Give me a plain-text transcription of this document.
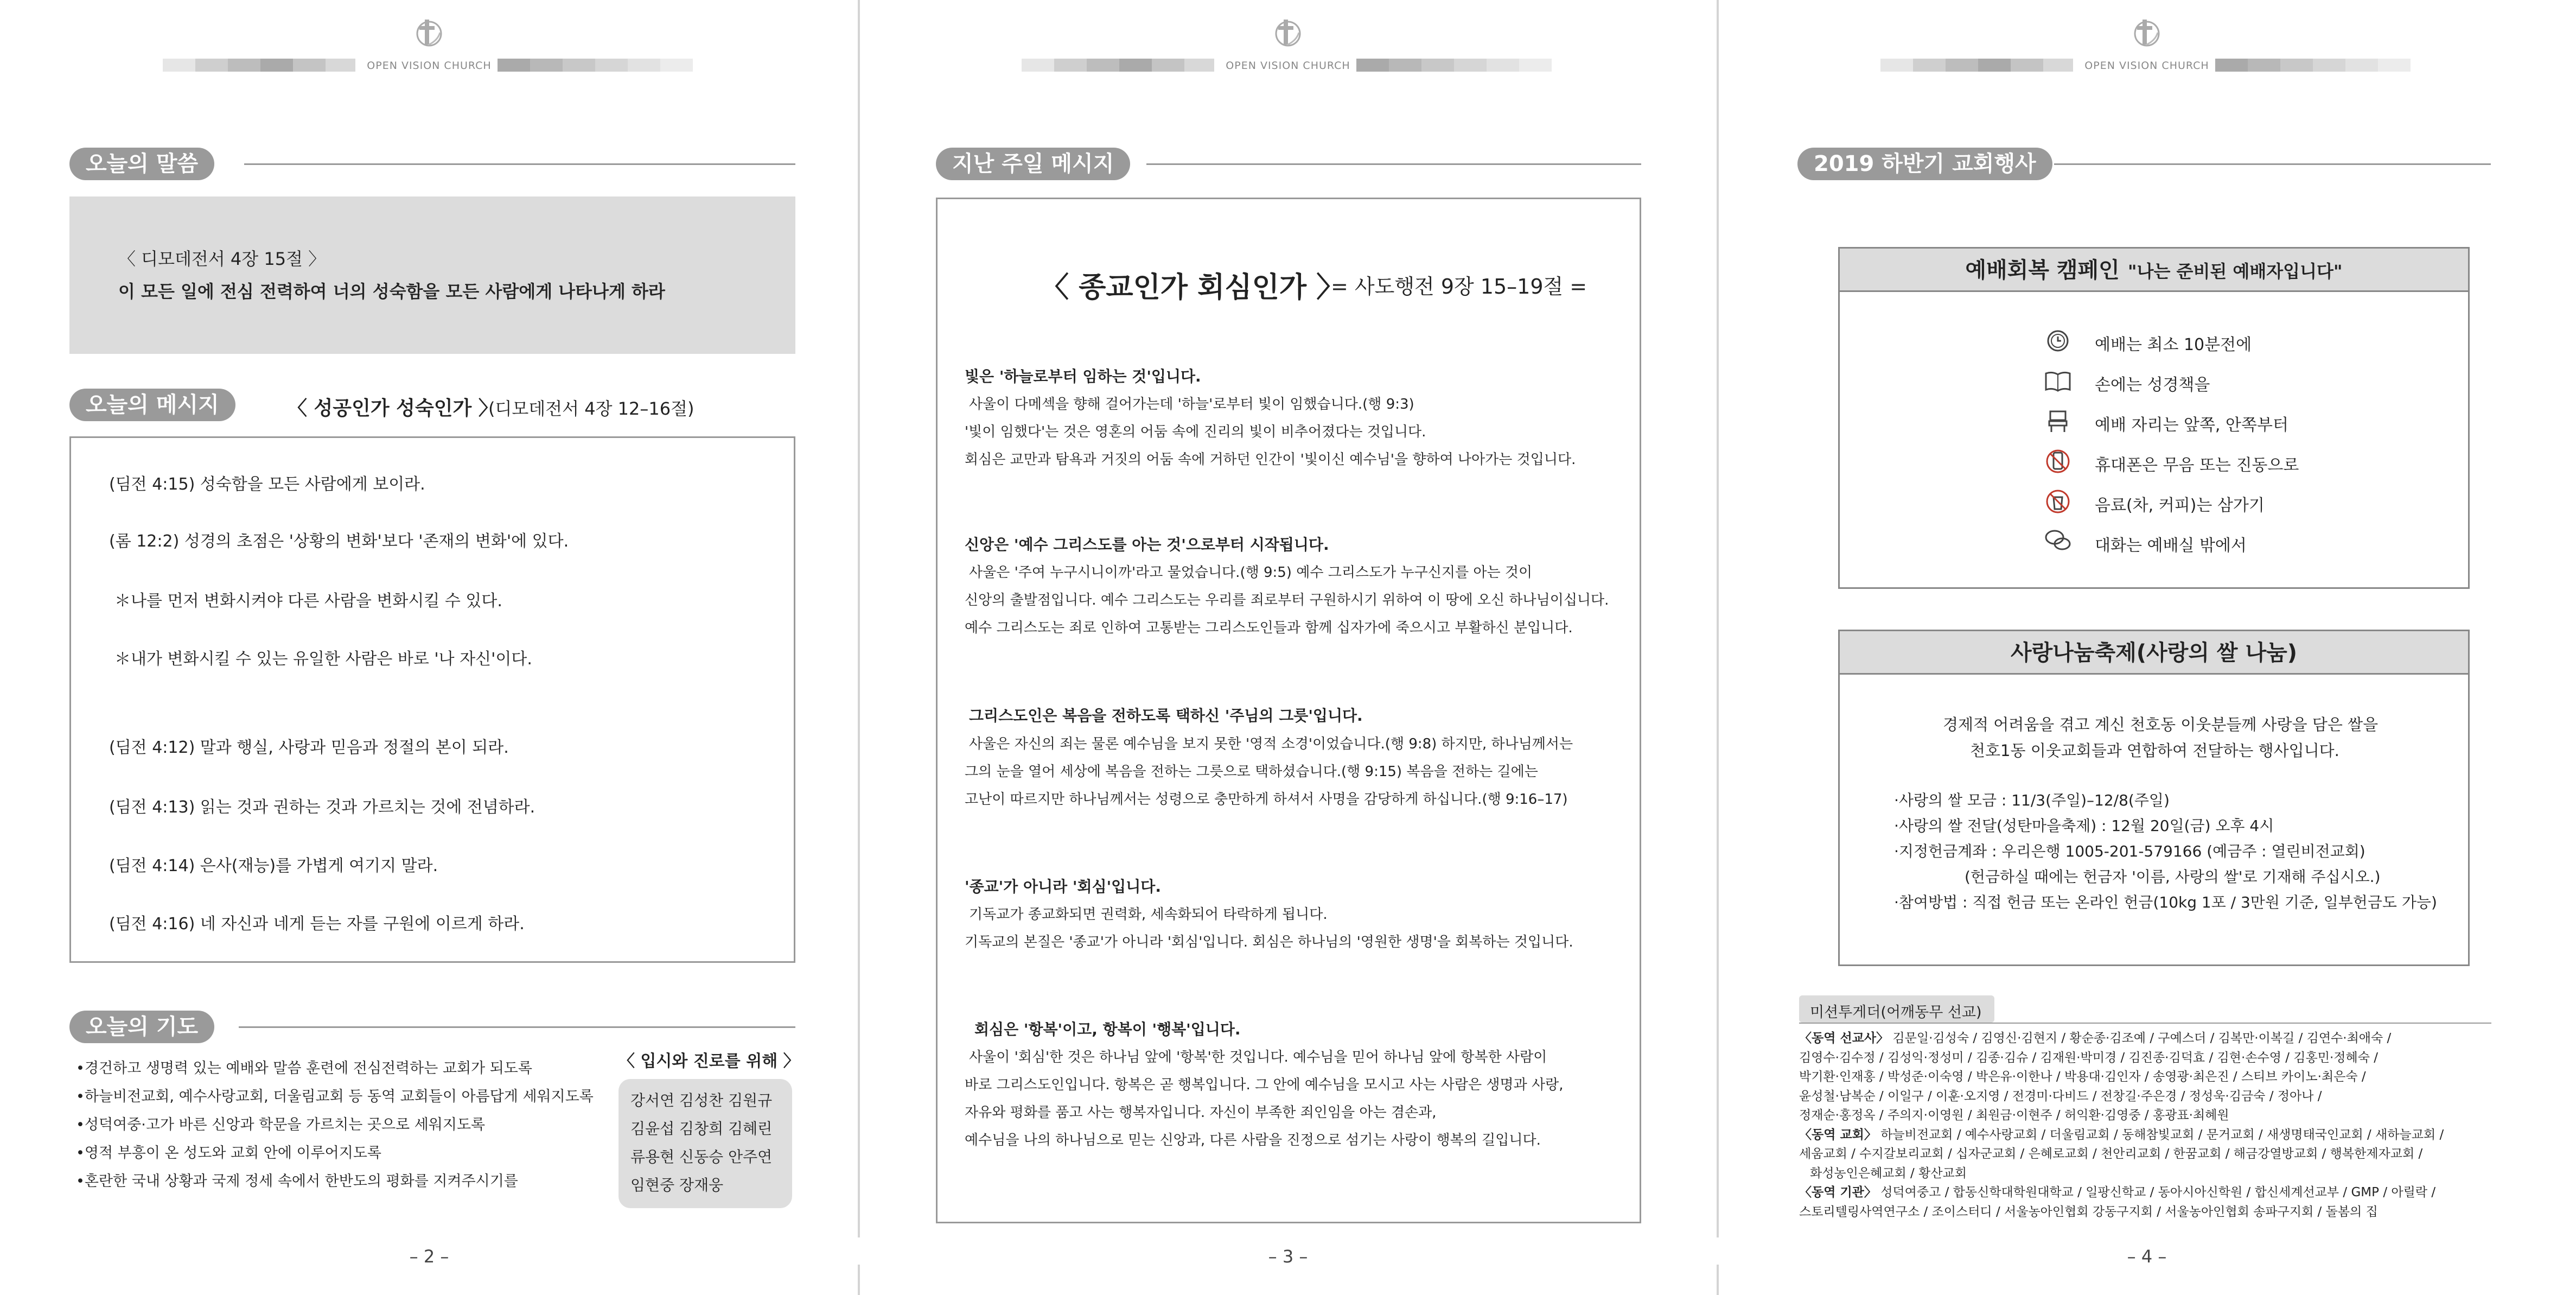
OPEN VISION CHURCH
오늘의 말씀
〈 디모데전서 4장 15절 〉
이 모든 일에 전심 전력하여 너의 성숙함을 모든 사람에게 나타나게 하라
오늘의 메시지	〈 성공인가 성숙인가 〉
(디모데전서 4장 12–16절)
(딤전 4:15) 성숙함을 모든 사람에게 보이라.
(롬 12:2) 성경의 초점은 '상황의 변화'보다 '존재의 변화'에 있다.
＊나를 먼저 변화시켜야 다른 사람을 변화시킬 수 있다.
＊내가 변화시킬 수 있는 유일한 사람은 바로 '나 자신'이다.
(딤전 4:12) 말과 행실, 사랑과 믿음과 정절의 본이 되라.
(딤전 4:13) 읽는 것과 권하는 것과 가르치는 것에 전념하라.
(딤전 4:14) 은사(재능)를 가볍게 여기지 말라.
(딤전 4:16) 네 자신과 네게 듣는 자를 구원에 이르게 하라.
오늘의 기도
•경건하고 생명력 있는 예배와 말씀 훈련에 전심전력하는 교회가 되도록
•하늘비전교회, 예수사랑교회, 더울림교회 등 동역 교회들이 아름답게 세워지도록
•성덕여중·고가 바른 신앙과 학문을 가르치는 곳으로 세워지도록
•영적 부흥이 온 성도와 교회 안에 이루어지도록
•혼란한 국내 상황과 국제 정세 속에서 한반도의 평화를 지켜주시기를
〈 입시와 진로를 위해 〉
강서연 김성찬 김원규
김윤섭 김창희 김혜린
류용현 신동승 안주연
임현중 장재웅
– 2 –
OPEN VISION CHURCH
지난 주일 메시지
〈 종교인가 회심인가 〉
= 사도행전 9장 15–19절 =
빛은 '하늘로부터 임하는 것'입니다.
사울이 다메섹을 향해 걸어가는데 '하늘'로부터 빛이 임했습니다.(행 9:3)
'빛이 임했다'는 것은 영혼의 어둠 속에 진리의 빛이 비추어졌다는 것입니다.
회심은 교만과 탐욕과 거짓의 어둠 속에 거하던 인간이 '빛이신 예수님'을 향하여 나아가는 것입니다.
신앙은 '예수 그리스도를 아는 것'으로부터 시작됩니다.
사울은 '주여 누구시니이까'라고 물었습니다.(행 9:5) 예수 그리스도가 누구신지를 아는 것이
신앙의 출발점입니다. 예수 그리스도는 우리를 죄로부터 구원하시기 위하여 이 땅에 오신 하나님이십니다.
예수 그리스도는 죄로 인하여 고통받는 그리스도인들과 함께 십자가에 죽으시고 부활하신 분입니다.
그리스도인은 복음을 전하도록 택하신 '주님의 그릇'입니다.
사울은 자신의 죄는 물론 예수님을 보지 못한 '영적 소경'이었습니다.(행 9:8) 하지만, 하나님께서는
그의 눈을 열어 세상에 복음을 전하는 그릇으로 택하셨습니다.(행 9:15) 복음을 전하는 길에는
고난이 따르지만 하나님께서는 성령으로 충만하게 하셔서 사명을 감당하게 하십니다.(행 9:16–17)
'종교'가 아니라 '회심'입니다.
기독교가 종교화되면 권력화, 세속화되어 타락하게 됩니다.
기독교의 본질은 '종교'가 아니라 '회심'입니다. 회심은 하나님의 '영원한 생명'을 회복하는 것입니다.
회심은 '항복'이고, 항복이 '행복'입니다.
사울이 '회심'한 것은 하나님 앞에 '항복'한 것입니다. 예수님을 믿어 하나님 앞에 항복한 사람이
바로 그리스도인입니다. 항복은 곧 행복입니다. 그 안에 예수님을 모시고 사는 사람은 생명과 사랑,
자유와 평화를 품고 사는 행복자입니다. 자신이 부족한 죄인임을 아는 겸손과,
예수님을 나의 하나님으로 믿는 신앙과, 다른 사람을 진정으로 섬기는 사랑이 행복의 길입니다.
– 3 –
OPEN VISION CHURCH
2019 하반기 교회행사
예배회복 캠페인 "나는 준비된 예배자입니다"
예배는 최소 10분전에
손에는 성경책을
예배 자리는 앞쪽, 안쪽부터
휴대폰은 무음 또는 진동으로
음료(차, 커피)는 삼가기
대화는 예배실 밖에서
사랑나눔축제(사랑의 쌀 나눔)
경제적 어려움을 겪고 계신 천호동 이웃분들께 사랑을 담은 쌀을
천호1동 이웃교회들과 연합하여 전달하는 행사입니다.
·사랑의 쌀 모금 : 11/3(주일)–12/8(주일)
·사랑의 쌀 전달(성탄마을축제) : 12월 20일(금) 오후 4시
·지정헌금계좌 : 우리은행 1005-201-579166 (예금주 : 열린비전교회)
(헌금하실 때에는 헌금자 '이름, 사랑의 쌀'로 기재해 주십시오.)
·참여방법 : 직접 헌금 또는 온라인 헌금(10kg 1포 / 3만원 기준, 일부헌금도 가능)
미션투게더(어깨동무 선교)
〈동역 선교사〉 김문일·김성숙 / 김영신·김현지 / 황순종·김조예 / 구예스더 / 김복만·이복길 / 김연수·최애숙 /
김영수·김수정 / 김성익·정성미 / 김종·김슈 / 김재원·박미경 / 김진종·김덕효 / 김현·손수영 / 김홍민·정혜숙 /
박기환·인재홍 / 박성준·이숙영 / 박은유·이한나 / 박용대·김인자 / 송영광·최은진 / 스티브 카이노·최은숙 /
윤성철·남복순 / 이일구 / 이훈·오지영 / 전경미·다비드 / 전창길·주은경 / 정성욱·김금숙 / 정아나 /
정재순·홍정옥 / 주의지·이영원 / 최원금·이현주 / 허익환·김영중 / 홍광표·최혜원
〈동역 교회〉 하늘비전교회 / 예수사랑교회 / 더울림교회 / 동해참빛교회 / 문거교회 / 새생명태국인교회 / 새하늘교회 /
세움교회 / 수지갈보리교회 / 십자군교회 / 은혜로교회 / 천안리교회 / 한꿈교회 / 해금강열방교회 / 행복한제자교회 /
화성농인은혜교회 / 황산교회
〈동역 기관〉 성덕여중고 / 합동신학대학원대학교 / 일팡신학교 / 동아시아신학원 / 합신세계선교부 / GMP / 아릴락 /
스토리텔링사역연구소 / 조이스터디 / 서울농아인협회 강동구지회 / 서울농아인협회 송파구지회 / 돌봄의 집
– 4 –
